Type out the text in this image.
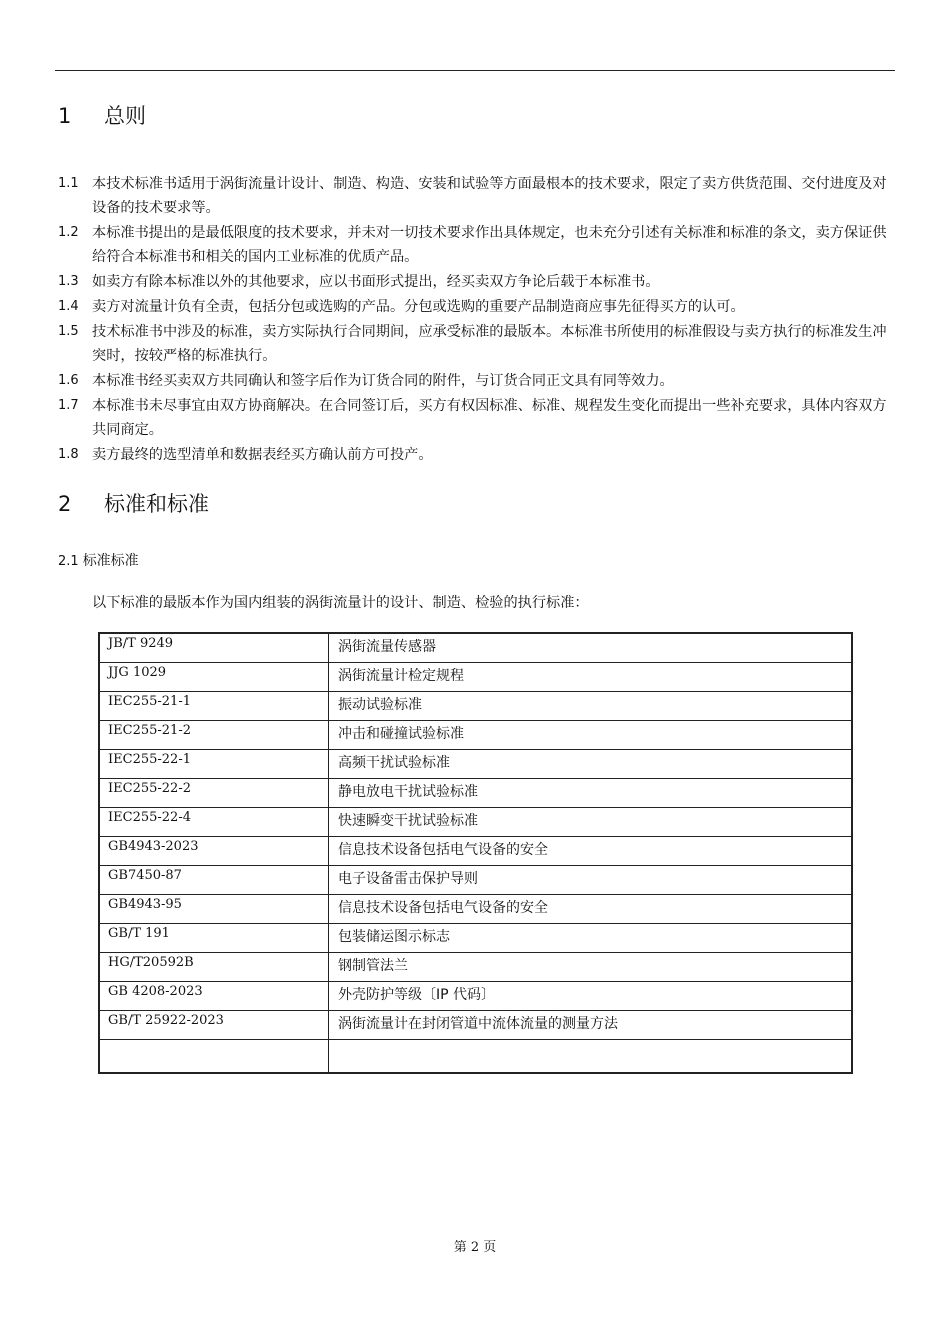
1 总则
1.1 本技术标准书适用于涡街流量计设计、制造、构造、安装和试验等方面最根本的技术要求，限定了卖方供货范围、交付进度及对设备的技术要求等。
1.2 本标准书提出的是最低限度的技术要求，并未对一切技术要求作出具体规定，也未充分引述有关标准和标准的条文，卖方保证供给符合本标准书和相关的国内工业标准的优质产品。
1.3 如卖方有除本标准以外的其他要求，应以书面形式提出，经买卖双方争论后载于本标准书。
1.4 卖方对流量计负有全责，包括分包或选购的产品。分包或选购的重要产品制造商应事先征得买方的认可。
1.5 技术标准书中涉及的标准，卖方实际执行合同期间，应承受标准的最版本。本标准书所使用的标准假设与卖方执行的标准发生冲突时，按较严格的标准执行。
1.6 本标准书经买卖双方共同确认和签字后作为订货合同的附件，与订货合同正文具有同等效力。
1.7 本标准书未尽事宜由双方协商解决。在合同签订后，买方有权因标准、标准、规程发生变化而提出一些补充要求，具体内容双方共同商定。
1.8 卖方最终的选型清单和数据表经买方确认前方可投产。
2 标准和标准
2.1 标准标准
以下标准的最版本作为国内组装的涡街流量计的设计、制造、检验的执行标准：
JB/T 9249	涡街流量传感器
JJG 1029	涡街流量计检定规程
IEC255-21-1	振动试验标准
IEC255-21-2	冲击和碰撞试验标准
IEC255-22-1	高频干扰试验标准
IEC255-22-2	静电放电干扰试验标准
IEC255-22-4	快速瞬变干扰试验标准
GB4943-2023	信息技术设备包括电气设备的安全
GB7450-87	电子设备雷击保护导则
GB4943-95	信息技术设备包括电气设备的安全
GB/T 191	包装储运图示标志
HG/T20592B	钢制管法兰
GB 4208-2023	外壳防护等级〔IP 代码〕
GB/T 25922-2023	涡街流量计在封闭管道中流体流量的测量方法

第 2 页
